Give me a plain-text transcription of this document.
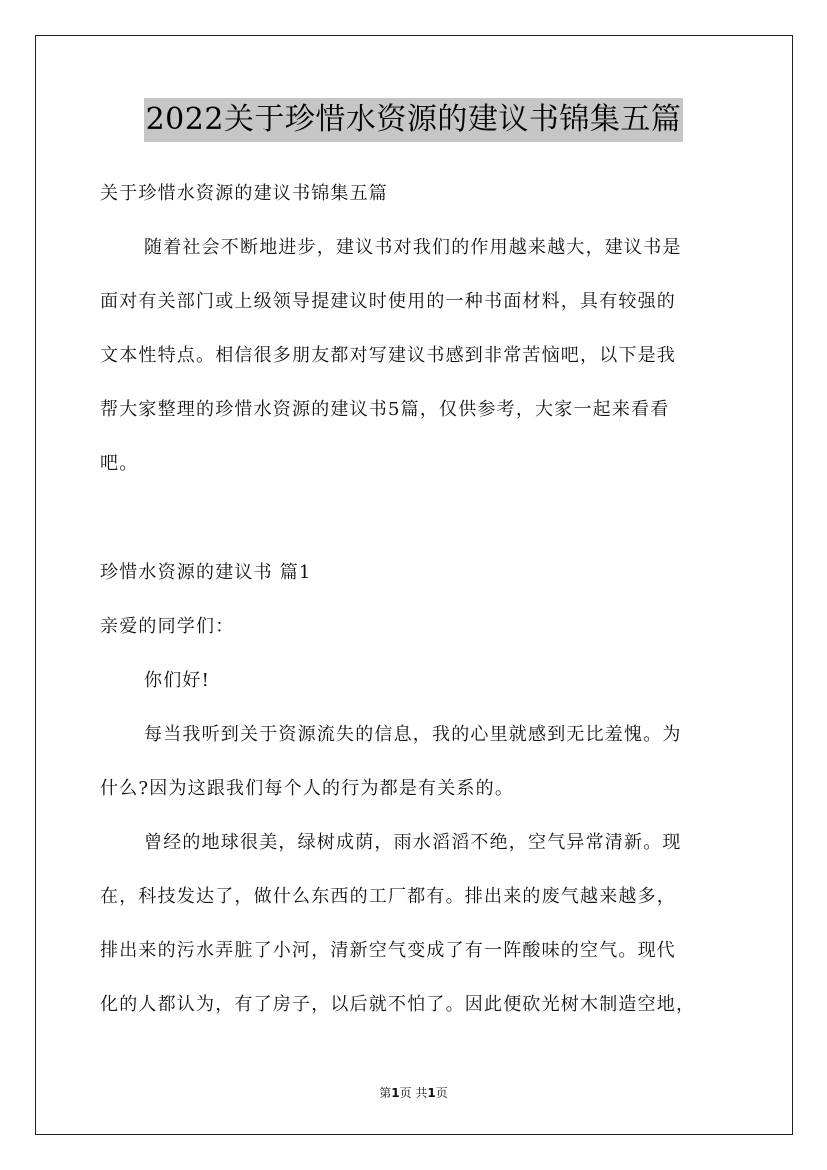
2022关于珍惜水资源的建议书锦集五篇
关于珍惜水资源的建议书锦集五篇
随着社会不断地进步，建议书对我们的作用越来越大，建议书是
面对有关部门或上级领导提建议时使用的一种书面材料，具有较强的
文本性特点。相信很多朋友都对写建议书感到非常苦恼吧，以下是我
帮大家整理的珍惜水资源的建议书5篇，仅供参考，大家一起来看看
吧。
珍惜水资源的建议书 篇1
亲爱的同学们：
你们好!
每当我听到关于资源流失的信息，我的心里就感到无比羞愧。为
什么?因为这跟我们每个人的行为都是有关系的。
曾经的地球很美，绿树成荫，雨水滔滔不绝，空气异常清新。现
在，科技发达了，做什么东西的工厂都有。排出来的废气越来越多，
排出来的污水弄脏了小河，清新空气变成了有一阵酸味的空气。现代
化的人都认为，有了房子，以后就不怕了。因此便砍光树木制造空地，
第1页 共1页
